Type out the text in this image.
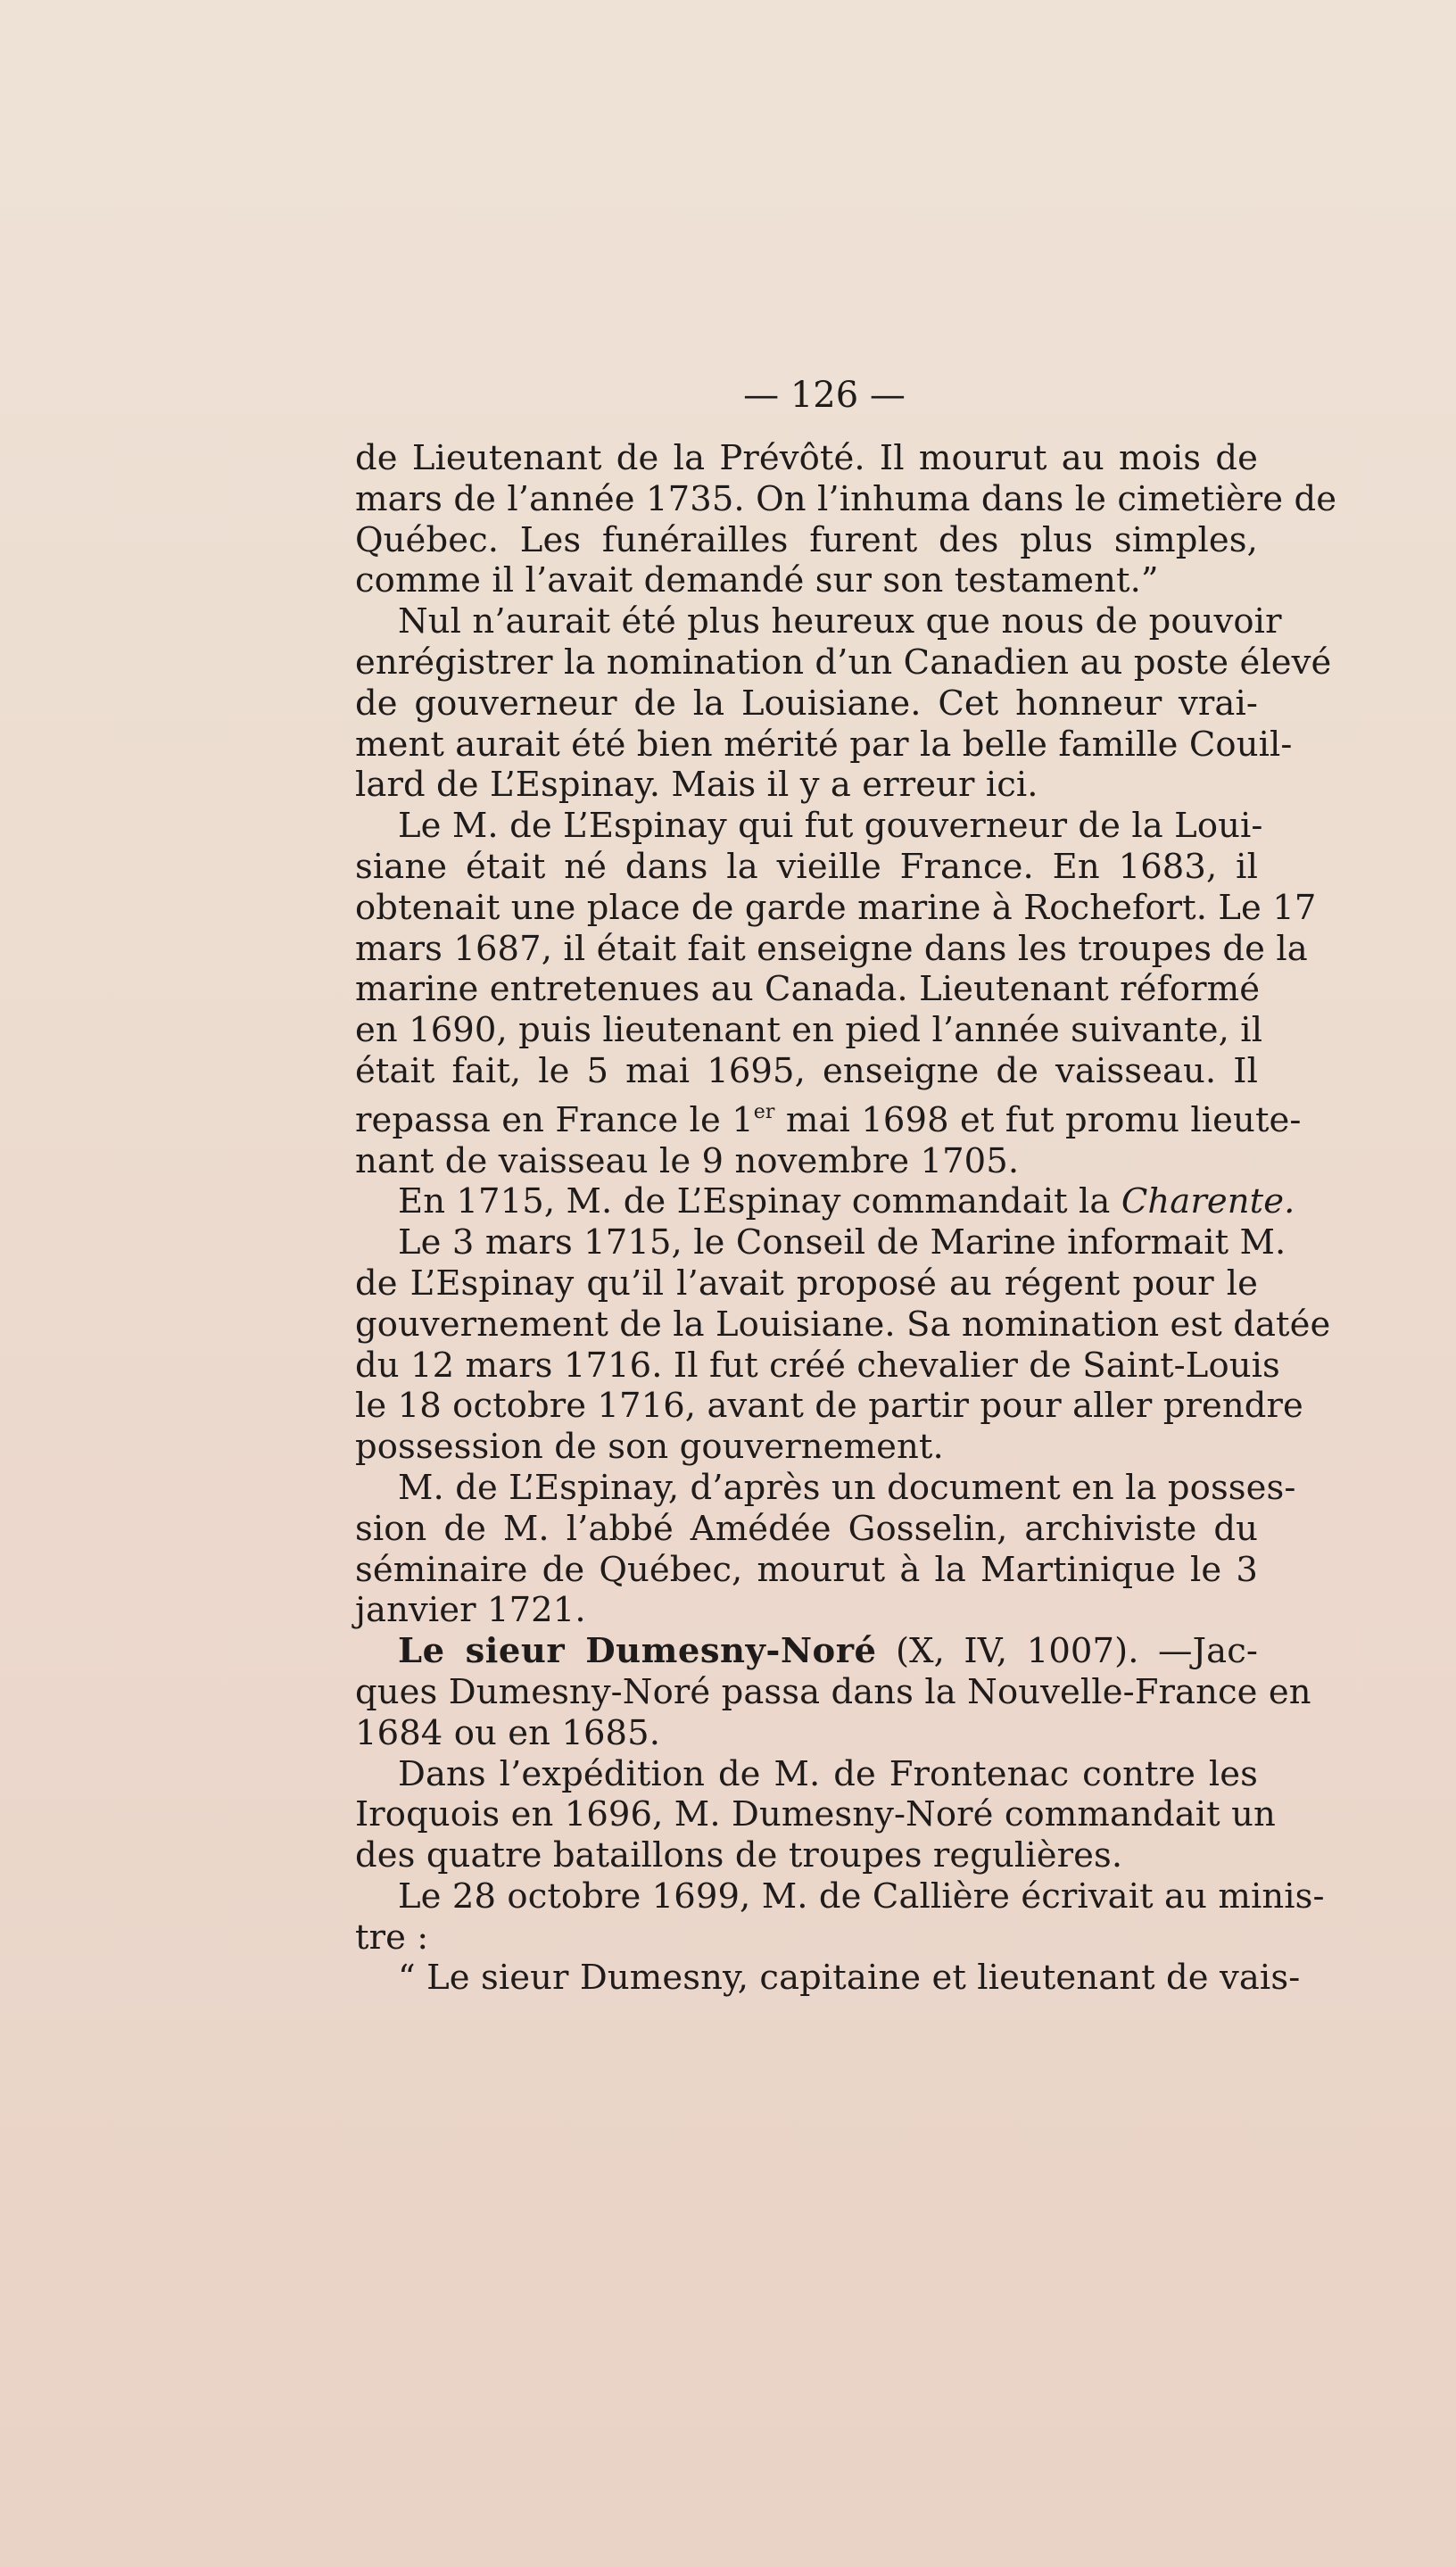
— 126 —
de Lieutenant de la Prévôté. Il mourut au mois de
mars de l’année 1735. On l’inhuma dans le cimetière de
Québec. Les funérailles furent des plus simples,
comme il l’avait demandé sur son testament.”
Nul n’aurait été plus heureux que nous de pouvoir
enrégistrer la nomination d’un Canadien au poste élevé
de gouverneur de la Louisiane. Cet honneur vrai-
ment aurait été bien mérité par la belle famille Couil-
lard de L’Espinay. Mais il y a erreur ici.
Le M. de L’Espinay qui fut gouverneur de la Loui-
siane était né dans la vieille France. En 1683, il
obtenait une place de garde marine à Rochefort. Le 17
mars 1687, il était fait enseigne dans les troupes de la
marine entretenues au Canada. Lieutenant réformé
en 1690, puis lieutenant en pied l’année suivante, il
était fait, le 5 mai 1695, enseigne de vaisseau. Il
repassa en France le 1er mai 1698 et fut promu lieute-
nant de vaisseau le 9 novembre 1705.
En 1715, M. de L’Espinay commandait la Charente.
Le 3 mars 1715, le Conseil de Marine informait M.
de L’Espinay qu’il l’avait proposé au régent pour le
gouvernement de la Louisiane. Sa nomination est datée
du 12 mars 1716. Il fut créé chevalier de Saint-Louis
le 18 octobre 1716, avant de partir pour aller prendre
possession de son gouvernement.
M. de L’Espinay, d’après un document en la posses-
sion de M. l’abbé Amédée Gosselin, archiviste du
séminaire de Québec, mourut à la Martinique le 3
janvier 1721.
Le sieur Dumesny-Noré (X, IV, 1007). —Jac-
ques Dumesny-Noré passa dans la Nouvelle-France en
1684 ou en 1685.
Dans l’expédition de M. de Frontenac contre les
Iroquois en 1696, M. Dumesny-Noré commandait un
des quatre bataillons de troupes regulières.
Le 28 octobre 1699, M. de Callière écrivait au minis-
tre :
“ Le sieur Dumesny, capitaine et lieutenant de vais-
